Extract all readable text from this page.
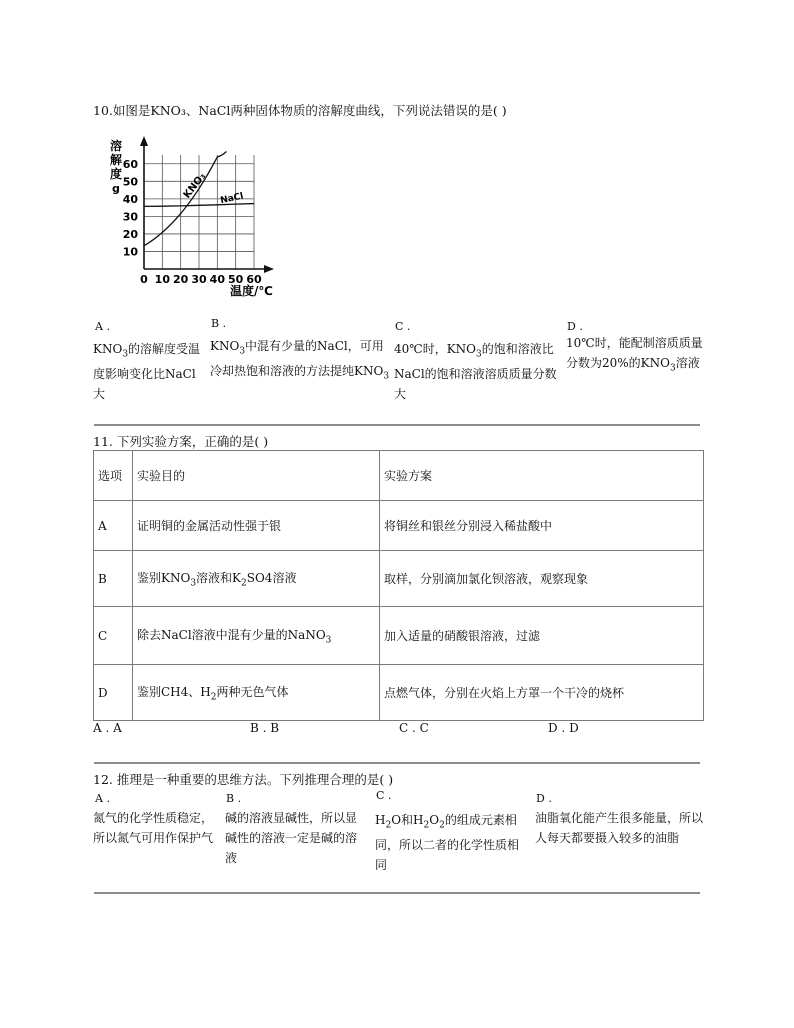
10.如图是KNO₃、NaCl两种固体物质的溶解度曲线，下列说法错误的是( )
0 10 20 30 40 50 60
10
20
30
40
50
60
KNO₃ NaCl
溶
解
度
g
温度/℃
A .
$KNO_3$的溶解度受温度影响变化比NaCl大
B .
$KNO_3$中混有少量的NaCl，可用冷却热饱和溶液的方法提纯$KNO_3$
C .
40℃时，$KNO_3$的饱和溶液比NaCl的饱和溶液溶质质量分数大
D .
10℃时，能配制溶质质量分数为20%的$KNO_3$溶液
11. 下列实验方案，正确的是( )
选项	实验目的	实验方案
A	证明铜的金属活动性强于银	将铜丝和银丝分别浸入稀盐酸中
B	鉴别$KNO_3$溶液和$K_2SO4$溶液	取样，分别滴加氯化钡溶液，观察现象
C	除去NaCl溶液中混有少量的NaNO$_3$	加入适量的硝酸银溶液，过滤
D	鉴别CH4、$H_2$两种无色气体	点燃气体，分别在火焰上方罩一个干冷的烧杯
A . A	B . B	C . C	D . D
12. 推理是一种重要的思维方法。下列推理合理的是( )
A .
氮气的化学性质稳定，所以氮气可用作保护气
B .
碱的溶液显碱性，所以显碱性的溶液一定是碱的溶液
C .
$H_2O$和$H_2O_2$的组成元素相同，所以二者的化学性质相同
D .
油脂氧化能产生很多能量，所以人每天都要摄入较多的油脂
